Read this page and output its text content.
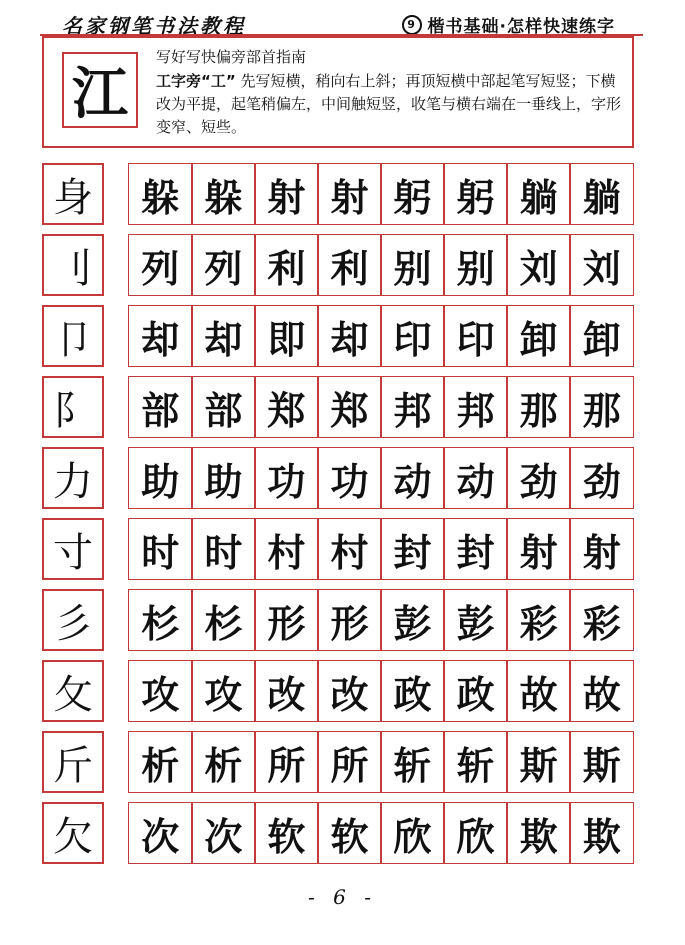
名家钢笔书法教程	9 楷书基础·怎样快速练字
江
写好写快偏旁部首指南
工字旁“工” 先写短横，稍向右上斜；再顶短横中部起笔写短竖；下横改为平提，起笔稍偏左，中间触短竖，收笔与横右端在一垂线上，字形变窄、短些。
身	躲 躲 射 射 躬 躬 躺 躺
刂	列 列 利 利 别 别 刘 刘
卩	却 却 即 却 印 印 卸 卸
阝	部 部 郑 郑 邦 邦 那 那
力	助 助 功 功 动 动 劲 劲
寸	时 时 村 村 封 封 射 射
彡	杉 杉 形 形 彭 彭 彩 彩
攵	攻 攻 改 改 政 政 故 故
斤	析 析 所 所 斩 斩 斯 斯
欠	次 次 软 软 欣 欣 欺 欺
- 6 -
